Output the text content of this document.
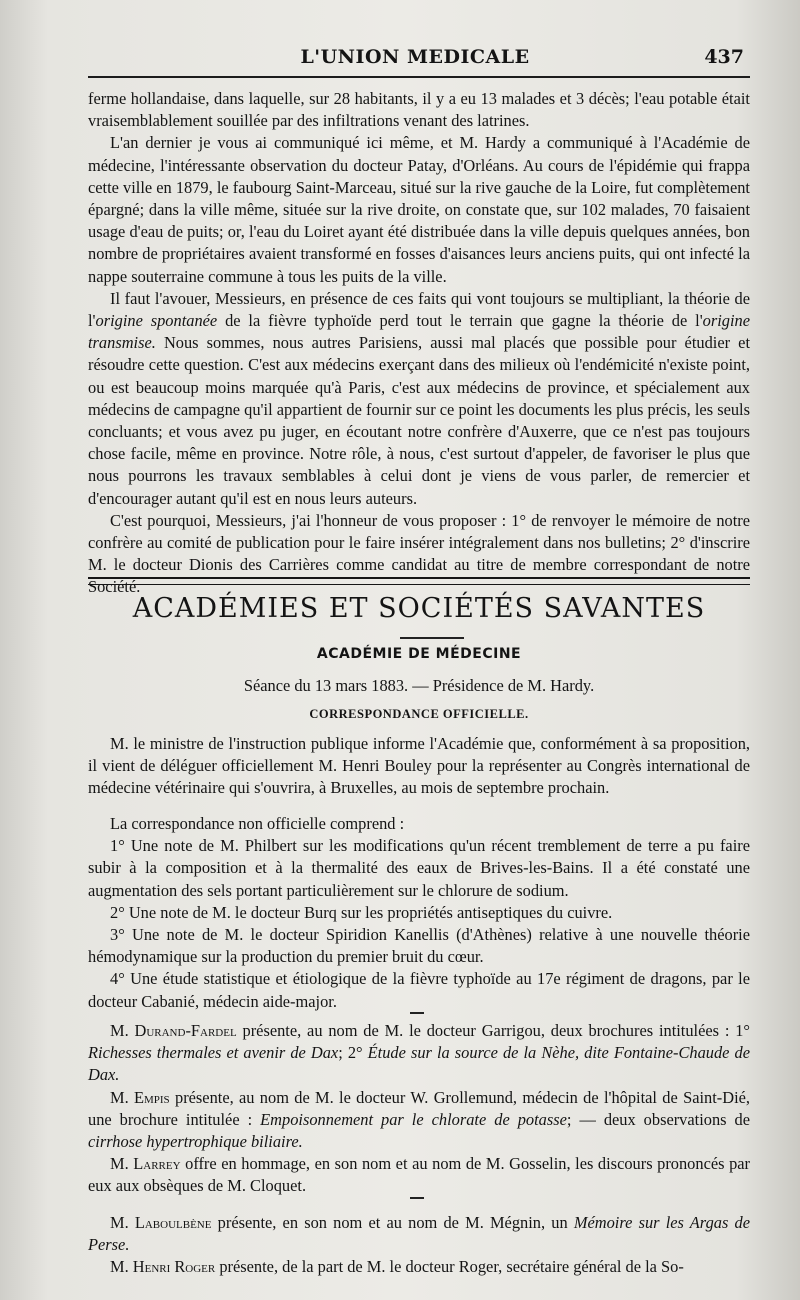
L'UNION MEDICALE	437

ferme hollandaise, dans laquelle, sur 28 habitants, il y a eu 13 malades et 3 décès; l'eau potable était vraisemblablement souillée par des infiltrations venant des latrines.

L'an dernier je vous ai communiqué ici même, et M. Hardy a communiqué à l'Académie de médecine, l'intéressante observation du docteur Patay, d'Orléans. Au cours de l'épidémie qui frappa cette ville en 1879, le faubourg Saint-Marceau, situé sur la rive gauche de la Loire, fut complètement épargné; dans la ville même, située sur la rive droite, on constate que, sur 102 malades, 70 faisaient usage d'eau de puits; or, l'eau du Loiret ayant été distribuée dans la ville depuis quelques années, bon nombre de propriétaires avaient transformé en fosses d'aisances leurs anciens puits, qui ont infecté la nappe souterraine commune à tous les puits de la ville.

Il faut l'avouer, Messieurs, en présence de ces faits qui vont toujours se multipliant, la théorie de l'origine spontanée de la fièvre typhoïde perd tout le terrain que gagne la théorie de l'origine transmise. Nous sommes, nous autres Parisiens, aussi mal placés que possible pour étudier et résoudre cette question. C'est aux médecins exerçant dans des milieux où l'endémicité n'existe point, ou est beaucoup moins marquée qu'à Paris, c'est aux médecins de province, et spécialement aux médecins de campagne qu'il appartient de fournir sur ce point les documents les plus précis, les seuls concluants; et vous avez pu juger, en écoutant notre confrère d'Auxerre, que ce n'est pas toujours chose facile, même en province. Notre rôle, à nous, c'est surtout d'appeler, de favoriser le plus que nous pourrons les travaux semblables à celui dont je viens de vous parler, de remercier et d'encourager autant qu'il est en nous leurs auteurs.

C'est pourquoi, Messieurs, j'ai l'honneur de vous proposer : 1° de renvoyer le mémoire de notre confrère au comité de publication pour le faire insérer intégralement dans nos bulletins; 2° d'inscrire M. le docteur Dionis des Carrières comme candidat au titre de membre correspondant de notre Société.

ACADÉMIES ET SOCIÉTÉS SAVANTES
ACADÉMIE DE MÉDECINE
Séance du 13 mars 1883. — Présidence de M. Hardy.
CORRESPONDANCE OFFICIELLE.

M. le ministre de l'instruction publique informe l'Académie que, conformément à sa proposition, il vient de déléguer officiellement M. Henri Bouley pour la représenter au Congrès international de médecine vétérinaire qui s'ouvrira, à Bruxelles, au mois de septembre prochain.

La correspondance non officielle comprend :

1° Une note de M. Philbert sur les modifications qu'un récent tremblement de terre a pu faire subir à la composition et à la thermalité des eaux de Brives-les-Bains. Il a été constaté une augmentation des sels portant particulièrement sur le chlorure de sodium.

2° Une note de M. le docteur Burq sur les propriétés antiseptiques du cuivre.

3° Une note de M. le docteur Spiridion Kanellis (d'Athènes) relative à une nouvelle théorie hémodynamique sur la production du premier bruit du cœur.

4° Une étude statistique et étiologique de la fièvre typhoïde au 17e régiment de dragons, par le docteur Cabanié, médecin aide-major.

M. Durand-Fardel présente, au nom de M. le docteur Garrigou, deux brochures intitulées : 1° Richesses thermales et avenir de Dax; 2° Étude sur la source de la Nèhe, dite Fontaine-Chaude de Dax.

M. Empis présente, au nom de M. le docteur W. Grollemund, médecin de l'hôpital de Saint-Dié, une brochure intitulée : Empoisonnement par le chlorate de potasse; — deux observations de cirrhose hypertrophique biliaire.

M. Larrey offre en hommage, en son nom et au nom de M. Gosselin, les discours prononcés par eux aux obsèques de M. Cloquet.

M. Laboulbène présente, en son nom et au nom de M. Mégnin, un Mémoire sur les Argas de Perse.

M. Henri Roger présente, de la part de M. le docteur Roger, secrétaire général de la So-
